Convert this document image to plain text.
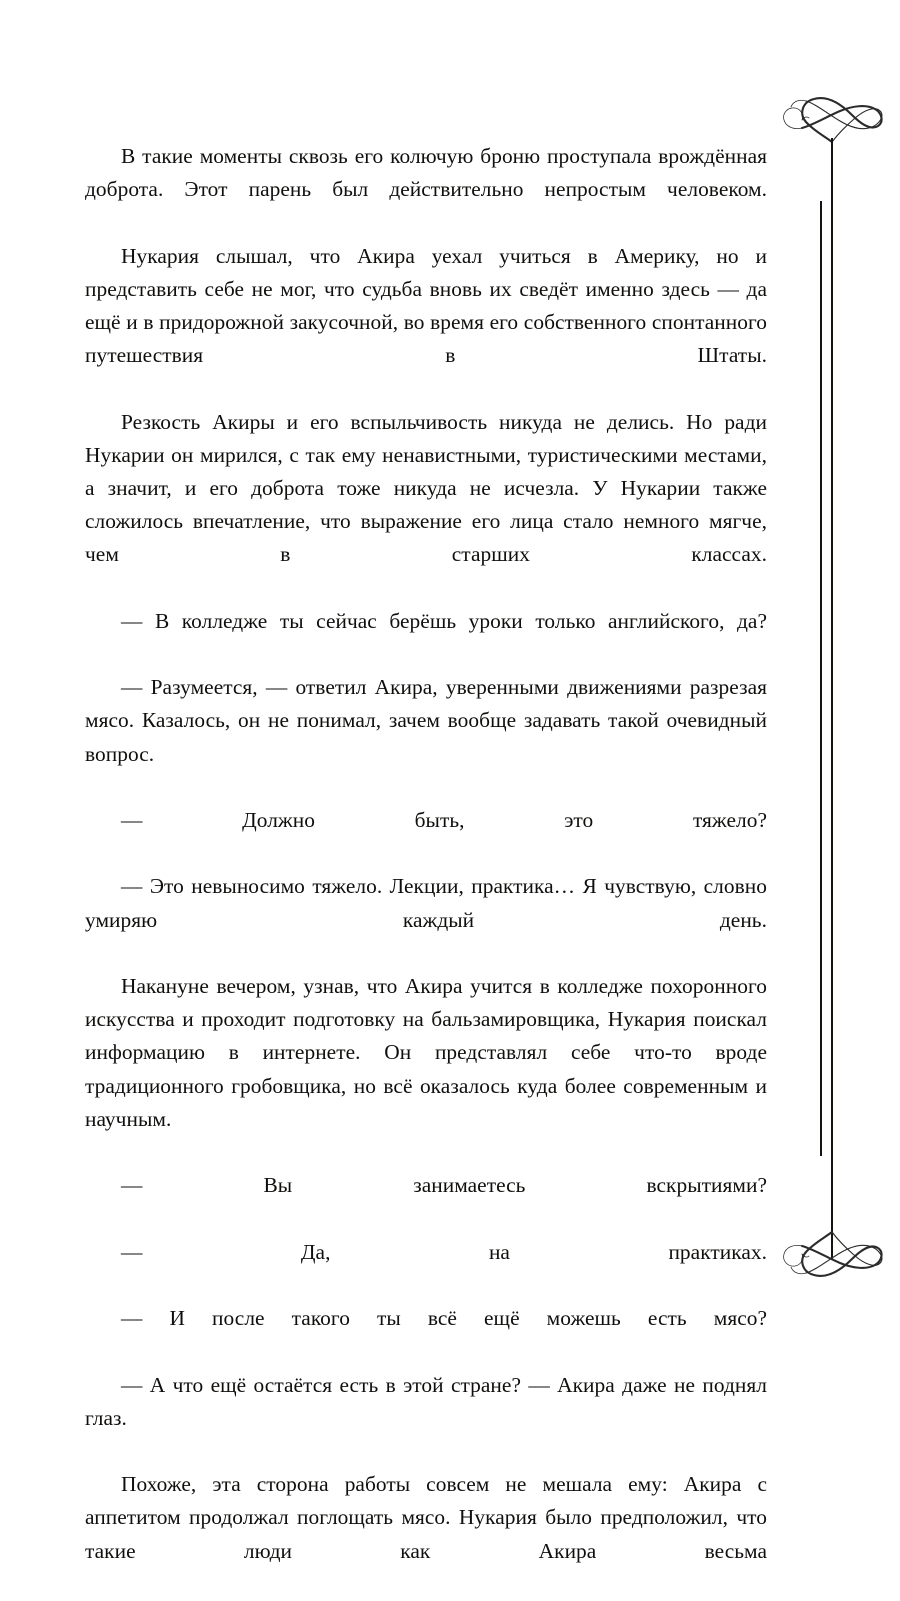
В такие моменты сквозь его колючую броню проступала врождённая доброта. Этот парень был действительно непростым человеком.

Нукария слышал, что Акира уехал учиться в Америку, но и представить себе не мог, что судьба вновь их сведёт именно здесь — да ещё и в придорожной закусочной, во время его собственного спонтанного путешествия в Штаты.

Резкость Акиры и его вспыльчивость никуда не делись. Но ради Нукарии он мирился, с так ему ненавистными, туристическими местами, а значит, и его доброта тоже никуда не исчезла. У Нукарии также сложилось впечатление, что выражение его лица стало немного мягче, чем в старших классах.

— В колледже ты сейчас берёшь уроки только английского, да?

— Разумеется, — ответил Акира, уверенными движениями разрезая мясо. Казалось, он не понимал, зачем вообще задавать такой очевидный вопрос.

— Должно быть, это тяжело?

— Это невыносимо тяжело. Лекции, практика… Я чувствую, словно умиряю каждый день.

Накануне вечером, узнав, что Акира учится в колледже похоронного искусства и проходит подготовку на бальзамировщика, Нукария поискал информацию в интернете. Он представлял себе что-то вроде традиционного гробовщика, но всё оказалось куда более современным и научным.

— Вы занимаетесь вскрытиями?

— Да, на практиках.

— И после такого ты всё ещё можешь есть мясо?

— А что ещё остаётся есть в этой стране? — Акира даже не поднял глаз.

Похоже, эта сторона работы совсем не мешала ему: Акира с аппетитом продолжал поглощать мясо. Нукария было предположил, что такие люди как Акира весьма
